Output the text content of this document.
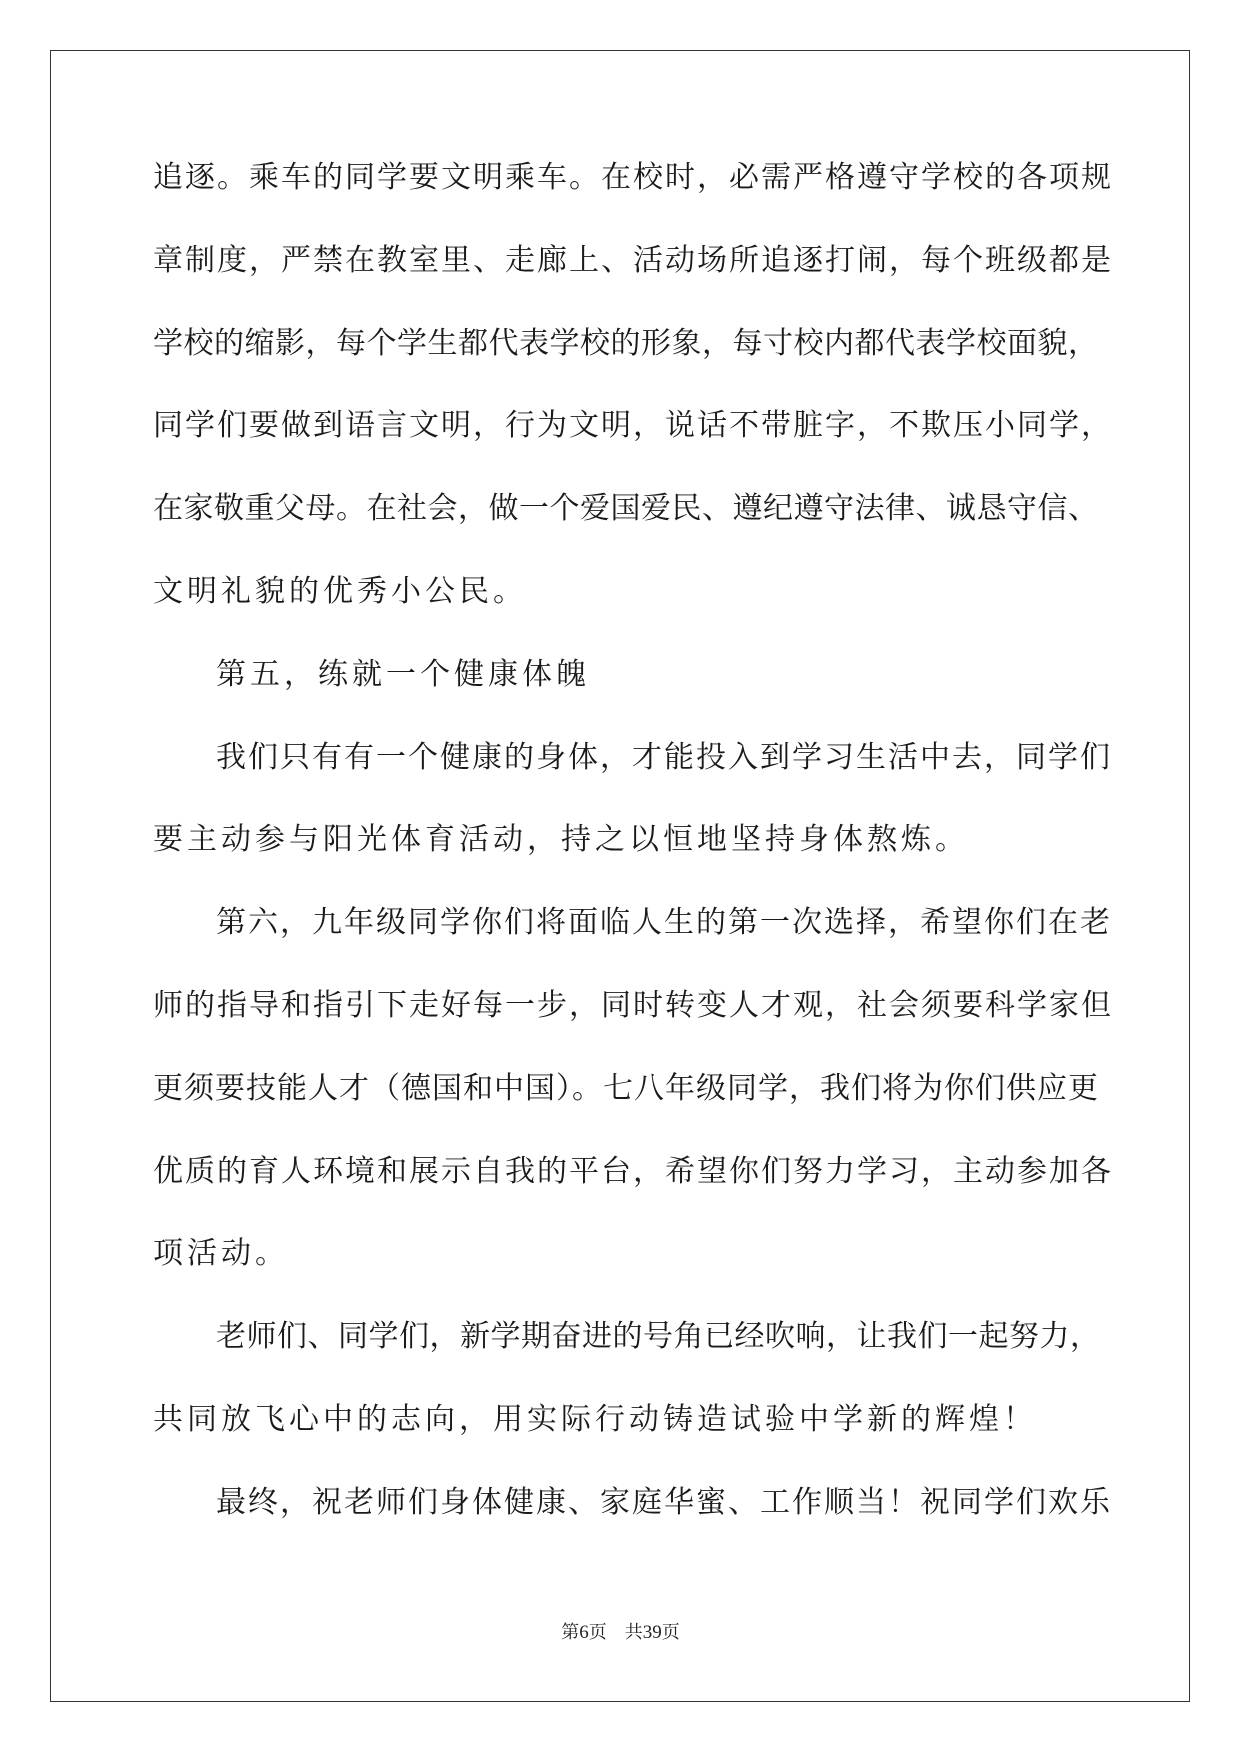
追逐。乘车的同学要文明乘车。在校时，必需严格遵守学校的各项规
章制度，严禁在教室里、走廊上、活动场所追逐打闹，每个班级都是
学校的缩影，每个学生都代表学校的形象，每寸校内都代表学校面貌，
同学们要做到语言文明，行为文明，说话不带脏字，不欺压小同学，
在家敬重父母。在社会，做一个爱国爱民、遵纪遵守法律、诚恳守信、
文明礼貌的优秀小公民。
第五，练就一个健康体魄
我们只有有一个健康的身体，才能投入到学习生活中去，同学们
要主动参与阳光体育活动，持之以恒地坚持身体熬炼。
第六，九年级同学你们将面临人生的第一次选择，希望你们在老
师的指导和指引下走好每一步，同时转变人才观，社会须要科学家但
更须要技能人才（德国和中国）。七八年级同学，我们将为你们供应更
优质的育人环境和展示自我的平台，希望你们努力学习，主动参加各
项活动。
老师们、同学们，新学期奋进的号角已经吹响，让我们一起努力，
共同放飞心中的志向，用实际行动铸造试验中学新的辉煌！
最终，祝老师们身体健康、家庭华蜜、工作顺当！祝同学们欢乐
第6页 共39页
